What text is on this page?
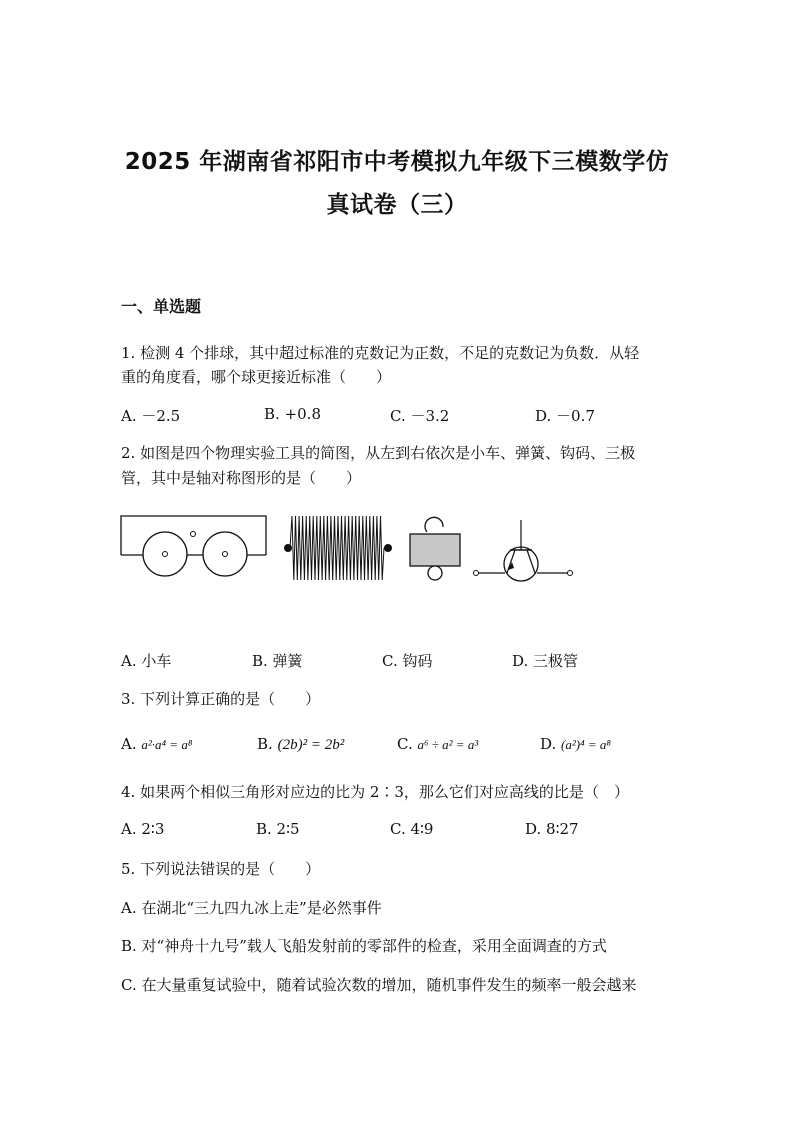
2025 年湖南省祁阳市中考模拟九年级下三模数学仿
真试卷（三）
一、单选题
1. 检测 4 个排球，其中超过标准的克数记为正数，不足的克数记为负数．从轻
重的角度看，哪个球更接近标准（　　）
A. －2.5	B. +0.8	C. －3.2	D. －0.7
2. 如图是四个物理实验工具的简图，从左到右依次是小车、弹簧、钩码、三极
管，其中是轴对称图形的是（　　）
A. 小车	B. 弹簧	C. 钩码	D. 三极管
3. 下列计算正确的是（　　）
A. a²·a⁴ = a⁸	B. (2b)² = 2b²	C. a⁶ ÷ a² = a³	D. (a²)⁴ = a⁸
4. 如果两个相似三角形对应边的比为 2∶3，那么它们对应高线的比是（　）
A. 2∶3	B. 2∶5	C. 4∶9	D. 8∶27
5. 下列说法错误的是（　　）
A. 在湖北“三九四九冰上走”是必然事件
B. 对“神舟十九号”载人飞船发射前的零部件的检查，采用全面调查的方式
C. 在大量重复试验中，随着试验次数的增加，随机事件发生的频率一般会越来
